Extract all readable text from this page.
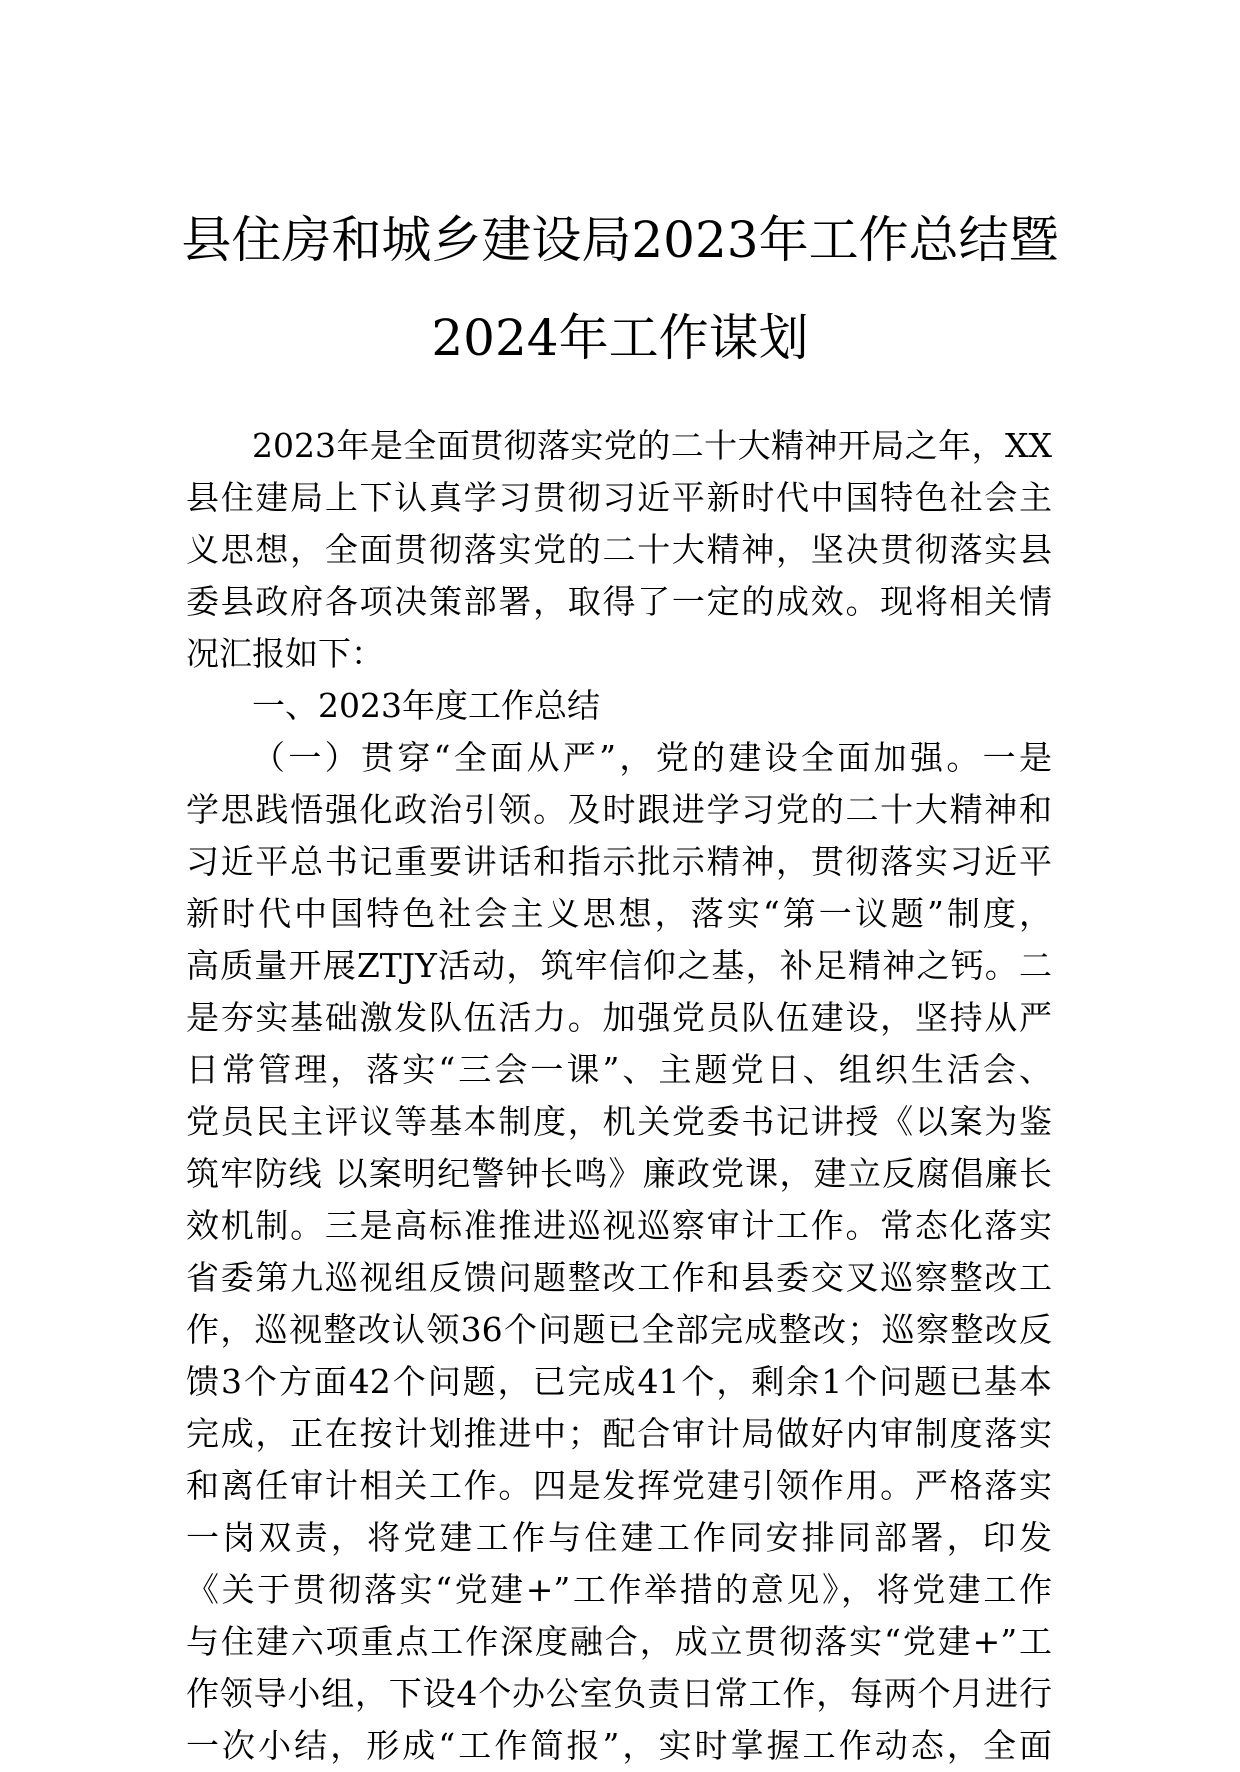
县住房和城乡建设局2023年工作总结暨
2024年工作谋划
2023年是全面贯彻落实党的二十大精神开局之年，XX
县住建局上下认真学习贯彻习近平新时代中国特色社会主
义思想，全面贯彻落实党的二十大精神，坚决贯彻落实县
委县政府各项决策部署，取得了一定的成效。现将相关情
况汇报如下：
一、2023年度工作总结
（一）贯穿“全面从严”，党的建设全面加强。一是
学思践悟强化政治引领。及时跟进学习党的二十大精神和
习近平总书记重要讲话和指示批示精神，贯彻落实习近平
新时代中国特色社会主义思想，落实“第一议题”制度，
高质量开展ZTJY活动，筑牢信仰之基，补足精神之钙。二
是夯实基础激发队伍活力。加强党员队伍建设，坚持从严
日常管理，落实“三会一课”、主题党日、组织生活会、
党员民主评议等基本制度，机关党委书记讲授《以案为鉴
筑牢防线 以案明纪警钟长鸣》廉政党课，建立反腐倡廉长
效机制。三是高标准推进巡视巡察审计工作。常态化落实
省委第九巡视组反馈问题整改工作和县委交叉巡察整改工
作，巡视整改认领36个问题已全部完成整改；巡察整改反
馈3个方面42个问题，已完成41个，剩余1个问题已基本
完成，正在按计划推进中；配合审计局做好内审制度落实
和离任审计相关工作。四是发挥党建引领作用。严格落实
一岗双责，将党建工作与住建工作同安排同部署，印发
《关于贯彻落实“党建+”工作举措的意见》，将党建工作
与住建六项重点工作深度融合，成立贯彻落实“党建+”工
作领导小组，下设4个办公室负责日常工作，每两个月进行
一次小结，形成“工作简报”，实时掌握工作动态，全面
